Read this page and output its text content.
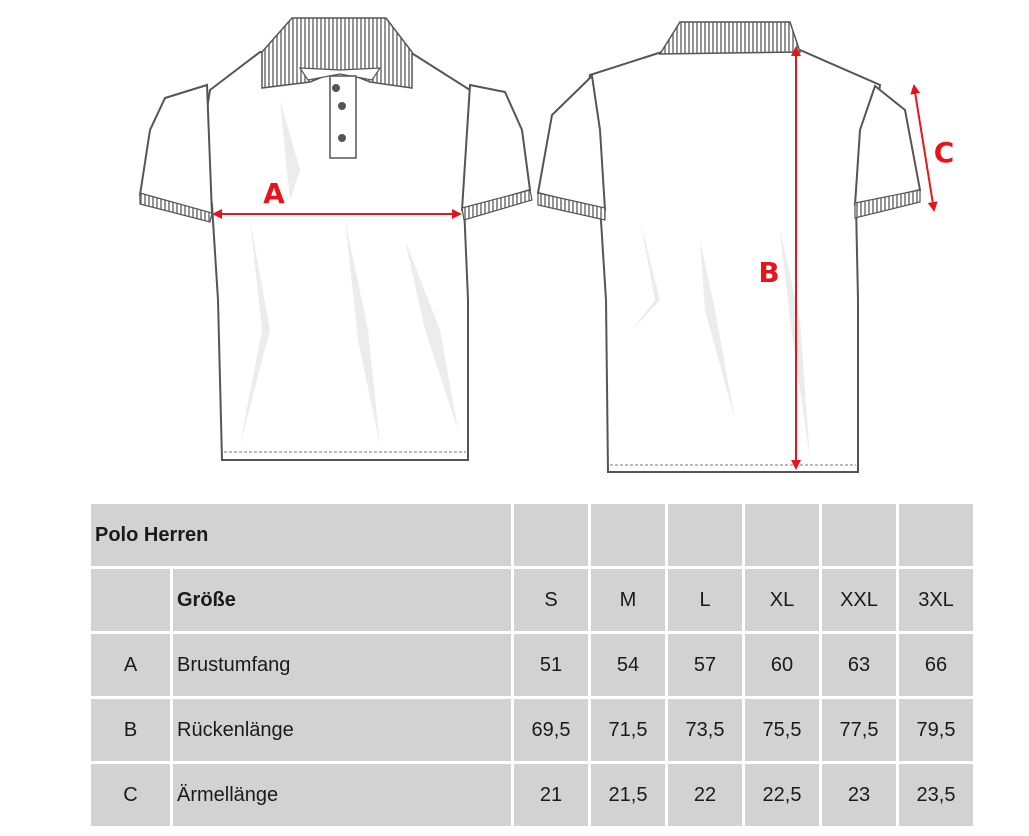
A
B
C
Polo Herren							
	Größe	S	M	L	XL	XXL	3XL
A	Brustumfang	51	54	57	60	63	66
B	Rückenlänge	69,5	71,5	73,5	75,5	77,5	79,5
C	Ärmellänge	21	21,5	22	22,5	23	23,5
